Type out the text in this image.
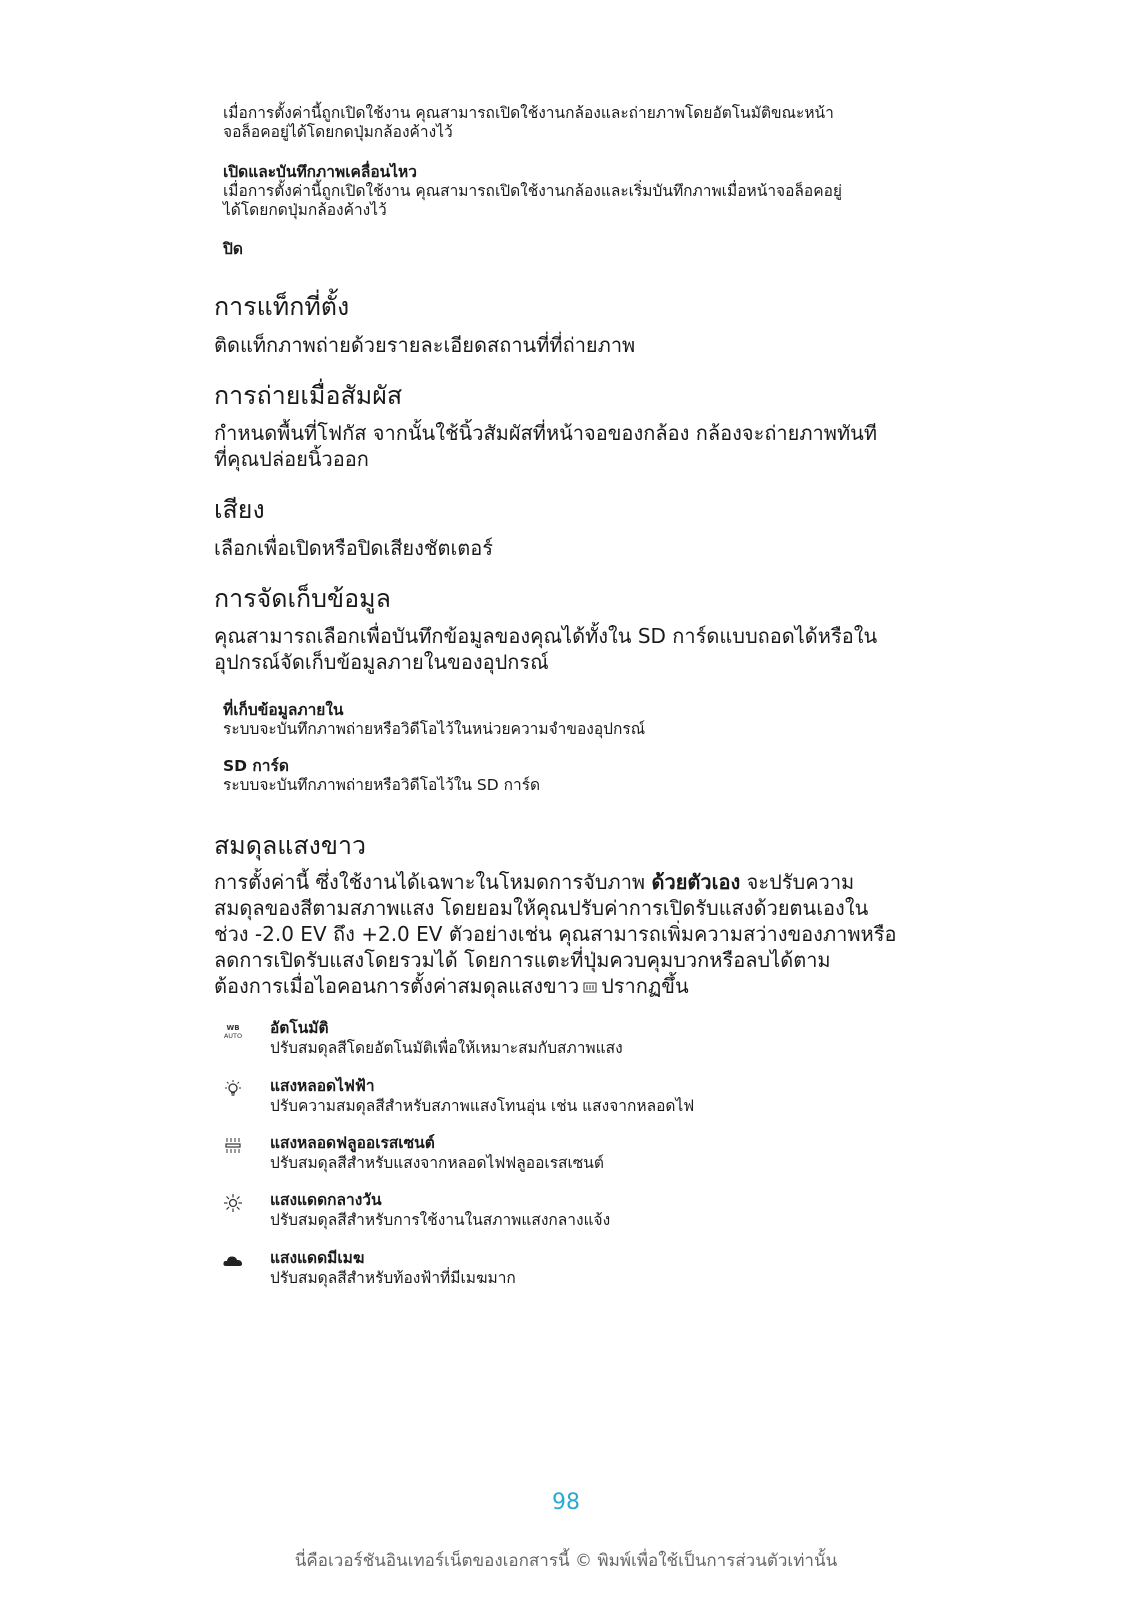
เมื่อการตั้งค่านี้ถูกเปิดใช้งาน คุณสามารถเปิดใช้งานกล้องและถ่ายภาพโดยอัตโนมัติขณะหน้า
จอล็อคอยู่ได้โดยกดปุ่มกล้องค้างไว้
เปิดและบันทึกภาพเคลื่อนไหว
เมื่อการตั้งค่านี้ถูกเปิดใช้งาน คุณสามารถเปิดใช้งานกล้องและเริ่มบันทึกภาพเมื่อหน้าจอล็อคอยู่
ได้โดยกดปุ่มกล้องค้างไว้
ปิด
การแท็กที่ตั้ง
ติดแท็กภาพถ่ายด้วยรายละเอียดสถานที่ที่ถ่ายภาพ
การถ่ายเมื่อสัมผัส
กำหนดพื้นที่โฟกัส จากนั้นใช้นิ้วสัมผัสที่หน้าจอของกล้อง กล้องจะถ่ายภาพทันที
ที่คุณปล่อยนิ้วออก
เสียง
เลือกเพื่อเปิดหรือปิดเสียงชัตเตอร์
การจัดเก็บข้อมูล
คุณสามารถเลือกเพื่อบันทึกข้อมูลของคุณได้ทั้งใน SD การ์ดแบบถอดได้หรือใน
อุปกรณ์จัดเก็บข้อมูลภายในของอุปกรณ์
ที่เก็บข้อมูลภายใน
ระบบจะบันทึกภาพถ่ายหรือวิดีโอไว้ในหน่วยความจำของอุปกรณ์
SD การ์ด
ระบบจะบันทึกภาพถ่ายหรือวิดีโอไว้ใน SD การ์ด
สมดุลแสงขาว
การตั้งค่านี้ ซึ่งใช้งานได้เฉพาะในโหมดการจับภาพ ด้วยตัวเอง จะปรับความ
สมดุลของสีตามสภาพแสง โดยยอมให้คุณปรับค่าการเปิดรับแสงด้วยตนเองใน
ช่วง -2.0 EV ถึง +2.0 EV ตัวอย่างเช่น คุณสามารถเพิ่มความสว่างของภาพหรือ
ลดการเปิดรับแสงโดยรวมได้ โดยการแตะที่ปุ่มควบคุมบวกหรือลบได้ตาม
ต้องการเมื่อไอคอนการตั้งค่าสมดุลแสงขาว ปรากฏขึ้น
WB
AUTO อัตโนมัติ
ปรับสมดุลสีโดยอัตโนมัติเพื่อให้เหมาะสมกับสภาพแสง
แสงหลอดไฟฟ้า
ปรับความสมดุลสีสำหรับสภาพแสงโทนอุ่น เช่น แสงจากหลอดไฟ
แสงหลอดฟลูออเรสเซนต์
ปรับสมดุลสีสำหรับแสงจากหลอดไฟฟลูออเรสเซนต์
แสงแดดกลางวัน
ปรับสมดุลสีสำหรับการใช้งานในสภาพแสงกลางแจ้ง
แสงแดดมีเมฆ
ปรับสมดุลสีสำหรับท้องฟ้าที่มีเมฆมาก
98
นี่คือเวอร์ชันอินเทอร์เน็ตของเอกสารนี้ © พิมพ์เพื่อใช้เป็นการส่วนตัวเท่านั้น
